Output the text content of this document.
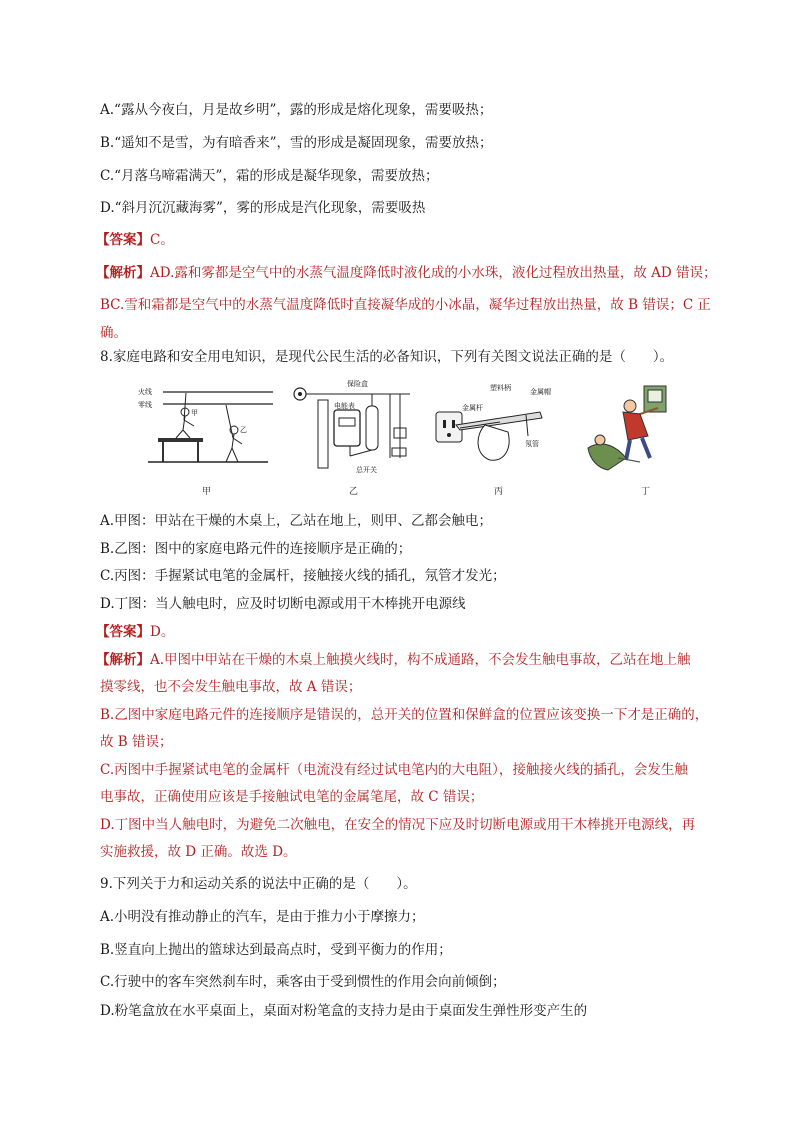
A.“露从今夜白，月是故乡明”，露的形成是熔化现象，需要吸热；
B.“遥知不是雪，为有暗香来”，雪的形成是凝固现象，需要放热；
C.“月落乌啼霜满天”，霜的形成是凝华现象，需要放热；
D.“斜月沉沉藏海雾”，雾的形成是汽化现象，需要吸热
【答案】C。
【解析】AD.露和雾都是空气中的水蒸气温度降低时液化成的小水珠，液化过程放出热量，故 AD 错误；
BC.雪和霜都是空气中的水蒸气温度降低时直接凝华成的小冰晶，凝华过程放出热量，故 B 错误；C 正
确。
8.家庭电路和安全用电知识，是现代公民生活的必备知识，下列有关图文说法正确的是（　　）。
火线
零线
甲
乙
甲
保险盒
电能表
总开关
乙
塑料柄	金属帽
金属杆
氖管
丙	丁
A.甲图：甲站在干燥的木桌上，乙站在地上，则甲、乙都会触电；
B.乙图：图中的家庭电路元件的连接顺序是正确的；
C.丙图：手握紧试电笔的金属杆，接触接火线的插孔，氖管才发光；
D.丁图：当人触电时，应及时切断电源或用干木棒挑开电源线
【答案】D。
【解析】A.甲图中甲站在干燥的木桌上触摸火线时，构不成通路，不会发生触电事故，乙站在地上触
摸零线，也不会发生触电事故，故 A 错误；
B.乙图中家庭电路元件的连接顺序是错误的，总开关的位置和保鲜盒的位置应该变换一下才是正确的，
故 B 错误；
C.丙图中手握紧试电笔的金属杆（电流没有经过试电笔内的大电阻），接触接火线的插孔，会发生触
电事故，正确使用应该是手接触试电笔的金属笔尾，故 C 错误；
D.丁图中当人触电时，为避免二次触电，在安全的情况下应及时切断电源或用干木棒挑开电源线，再
实施救援，故 D 正确。故选 D。
9.下列关于力和运动关系的说法中正确的是（　　）。
A.小明没有推动静止的汽车，是由于推力小于摩擦力；
B.竖直向上抛出的篮球达到最高点时，受到平衡力的作用；
C.行驶中的客车突然刹车时，乘客由于受到惯性的作用会向前倾倒；
D.粉笔盒放在水平桌面上，桌面对粉笔盒的支持力是由于桌面发生弹性形变产生的
